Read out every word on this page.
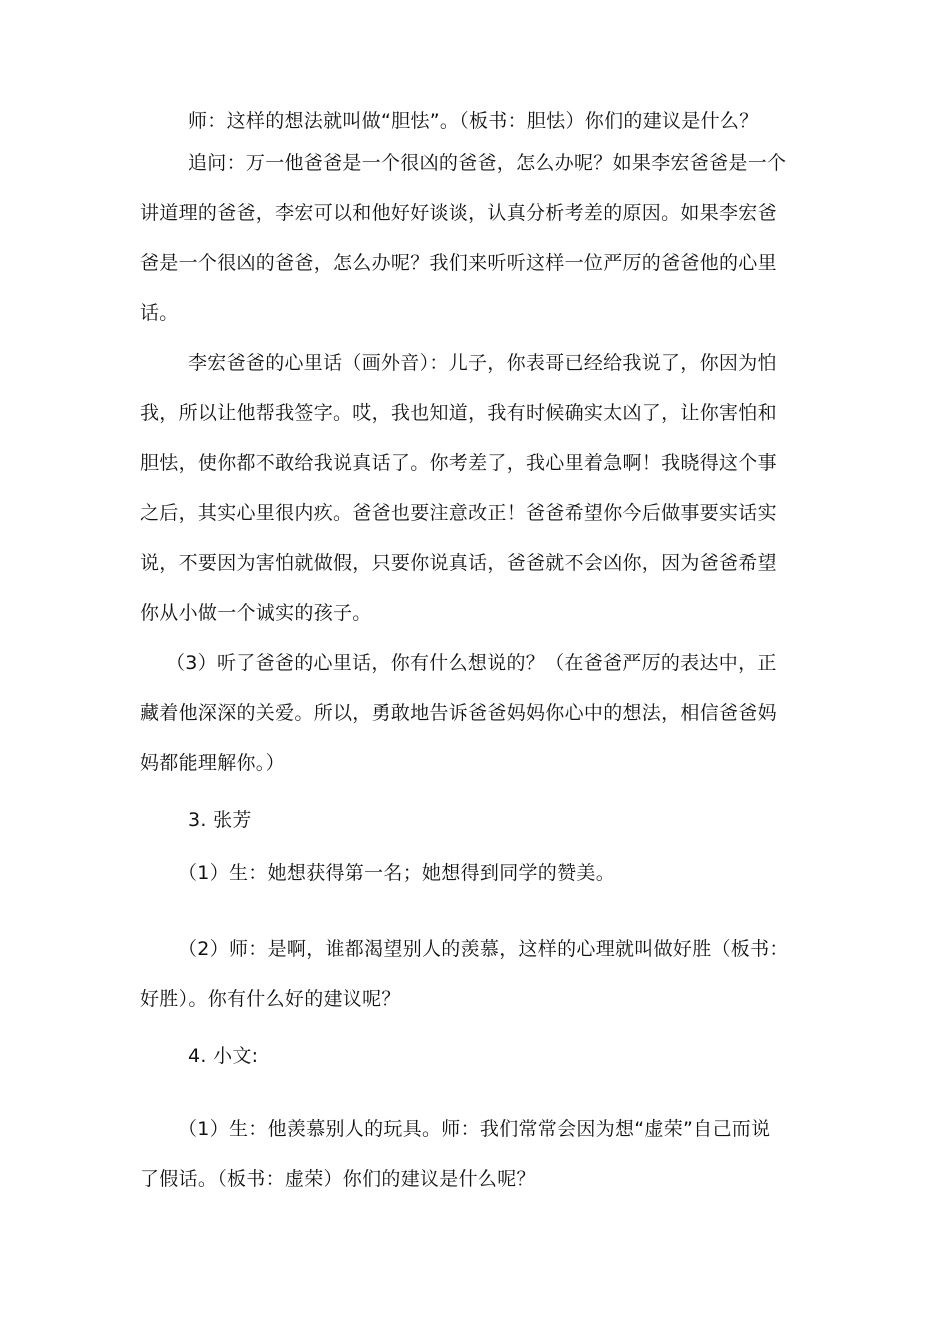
师：这样的想法就叫做“胆怯”。（板书：胆怯）你们的建议是什么？
追问：万一他爸爸是一个很凶的爸爸，怎么办呢？如果李宏爸爸是一个
讲道理的爸爸，李宏可以和他好好谈谈，认真分析考差的原因。如果李宏爸
爸是一个很凶的爸爸，怎么办呢？我们来听听这样一位严厉的爸爸他的心里
话。
李宏爸爸的心里话（画外音）：儿子，你表哥已经给我说了，你因为怕
我，所以让他帮我签字。哎，我也知道，我有时候确实太凶了，让你害怕和
胆怯，使你都不敢给我说真话了。你考差了，我心里着急啊！我晓得这个事
之后，其实心里很内疚。爸爸也要注意改正！爸爸希望你今后做事要实话实
说，不要因为害怕就做假，只要你说真话，爸爸就不会凶你，因为爸爸希望
你从小做一个诚实的孩子。
（3）听了爸爸的心里话，你有什么想说的？（在爸爸严厉的表达中，正
藏着他深深的关爱。所以，勇敢地告诉爸爸妈妈你心中的想法，相信爸爸妈
妈都能理解你。）
3. 张芳
（1）生：她想获得第一名；她想得到同学的赞美。
（2）师：是啊，谁都渴望别人的羡慕，这样的心理就叫做好胜（板书：
好胜）。你有什么好的建议呢？
4. 小文:
（1）生：他羡慕别人的玩具。师：我们常常会因为想“虚荣”自己而说
了假话。（板书：虚荣）你们的建议是什么呢？
